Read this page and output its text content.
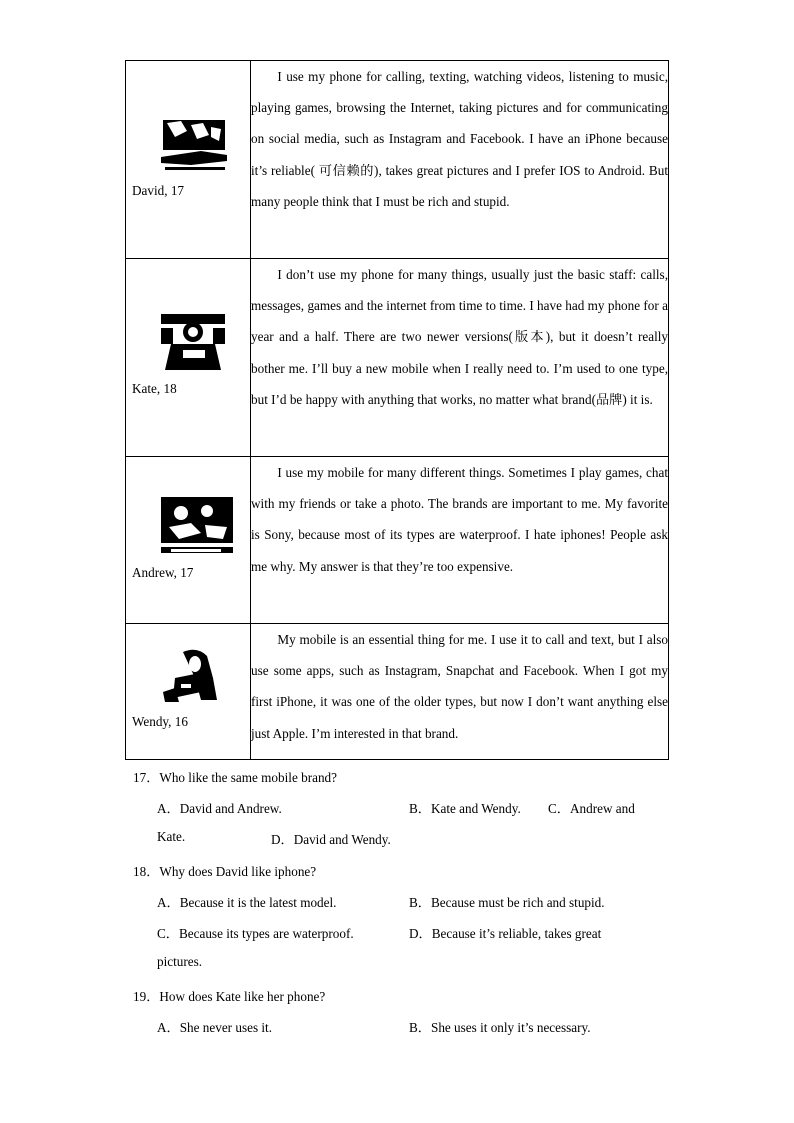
David, 17	I use my phone for calling, texting, watching videos, listening to music, playing games, browsing the Internet, taking pictures and for communicating on social media, such as Instagram and Facebook. I have an iPhone because it’s reliable( 可信赖的), takes great pictures and I prefer IOS to Android. But many people think that I must be rich and stupid.

Kate, 18	I don’t use my phone for many things, usually just the basic staff: calls, messages, games and the internet from time to time. I have had my phone for a year and a half. There are two newer versions(版本), but it doesn’t really bother me. I’ll buy a new mobile when I really need to. I’m used to one type, but I’d be happy with anything that works, no matter what brand(品牌) it is.

Andrew, 17	I use my mobile for many different things. Sometimes I play games, chat with my friends or take a photo. The brands are important to me. My favorite is Sony, because most of its types are waterproof. I hate iphones! People ask me why. My answer is that they’re too expensive.

Wendy, 16	My mobile is an essential thing for me. I use it to call and text, but I also use some apps, such as Instagram, Snapchat and Facebook. When I got my first iPhone, it was one of the older types, but now I don’t want anything else just Apple. I’m interested in that brand.

17．Who like the same mobile brand?
A．David and Andrew.	B．Kate and Wendy. C．Andrew and
Kate.	D．David and Wendy.
18．Why does David like iphone?
A．Because it is the latest model.	B．Because must be rich and stupid.
C．Because its types are waterproof.	D．Because it’s reliable, takes great
pictures.
19．How does Kate like her phone?
A．She never uses it.	B．She uses it only it’s necessary.
